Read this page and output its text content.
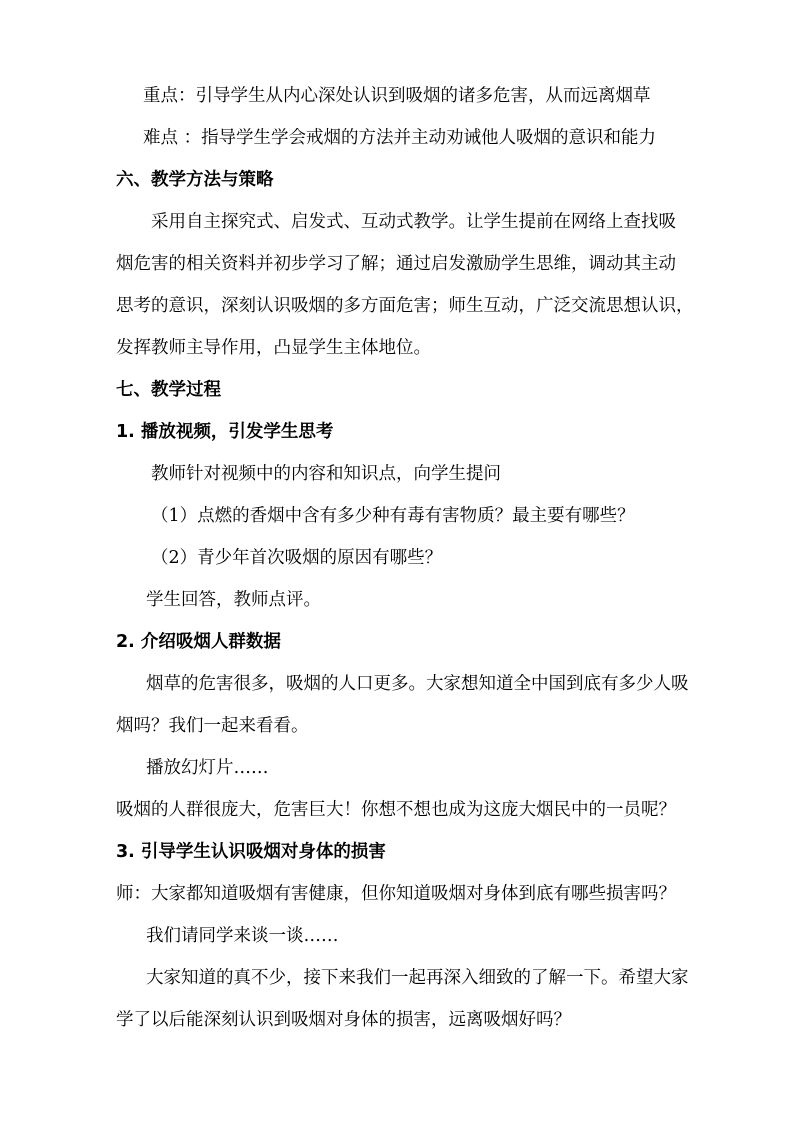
重点：引导学生从内心深处认识到吸烟的诸多危害，从而远离烟草
难点 ：指导学生学会戒烟的方法并主动劝诫他人吸烟的意识和能力
六、教学方法与策略
采用自主探究式、启发式、互动式教学。让学生提前在网络上查找吸
烟危害的相关资料并初步学习了解；通过启发激励学生思维，调动其主动
思考的意识，深刻认识吸烟的多方面危害；师生互动，广泛交流思想认识，
发挥教师主导作用，凸显学生主体地位。
七、教学过程
1. 播放视频，引发学生思考
教师针对视频中的内容和知识点，向学生提问
（1）点燃的香烟中含有多少种有毒有害物质？最主要有哪些？
（2）青少年首次吸烟的原因有哪些？
学生回答，教师点评。
2. 介绍吸烟人群数据
烟草的危害很多，吸烟的人口更多。大家想知道全中国到底有多少人吸
烟吗？我们一起来看看。
播放幻灯片……
吸烟的人群很庞大，危害巨大！你想不想也成为这庞大烟民中的一员呢？
3. 引导学生认识吸烟对身体的损害
师：大家都知道吸烟有害健康，但你知道吸烟对身体到底有哪些损害吗？
我们请同学来谈一谈……
大家知道的真不少，接下来我们一起再深入细致的了解一下。希望大家
学了以后能深刻认识到吸烟对身体的损害，远离吸烟好吗？
